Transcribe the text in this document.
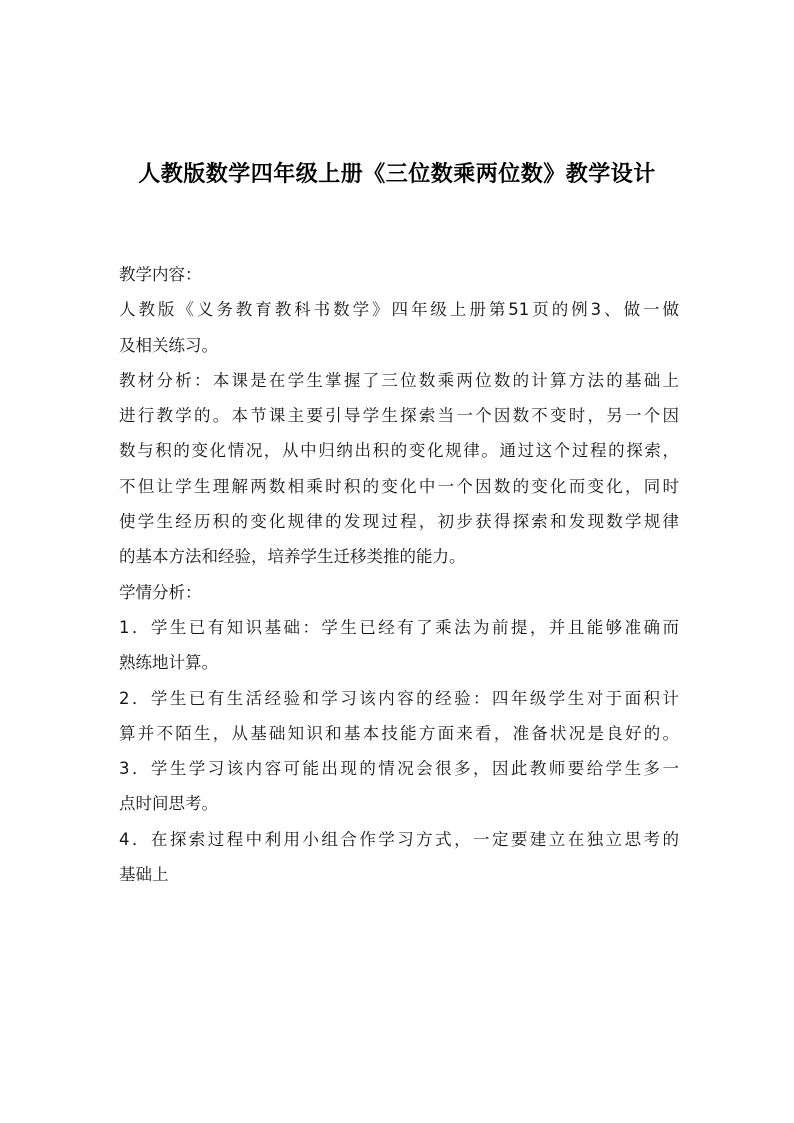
人教版数学四年级上册《三位数乘两位数》教学设计
教学内容：
人教版《义务教育教科书数学》四年级上册第51页的例3、做一做
及相关练习。
教材分析：本课是在学生掌握了三位数乘两位数的计算方法的基础上
进行教学的。本节课主要引导学生探索当一个因数不变时，另一个因
数与积的变化情况，从中归纳出积的变化规律。通过这个过程的探索，
不但让学生理解两数相乘时积的变化中一个因数的变化而变化，同时
使学生经历积的变化规律的发现过程，初步获得探索和发现数学规律
的基本方法和经验，培养学生迁移类推的能力。
学情分析：
1．学生已有知识基础：学生已经有了乘法为前提，并且能够准确而
熟练地计算。
2．学生已有生活经验和学习该内容的经验：四年级学生对于面积计
算并不陌生，从基础知识和基本技能方面来看，准备状况是良好的。
3．学生学习该内容可能出现的情况会很多，因此教师要给学生多一
点时间思考。
4．在探索过程中利用小组合作学习方式，一定要建立在独立思考的
基础上
